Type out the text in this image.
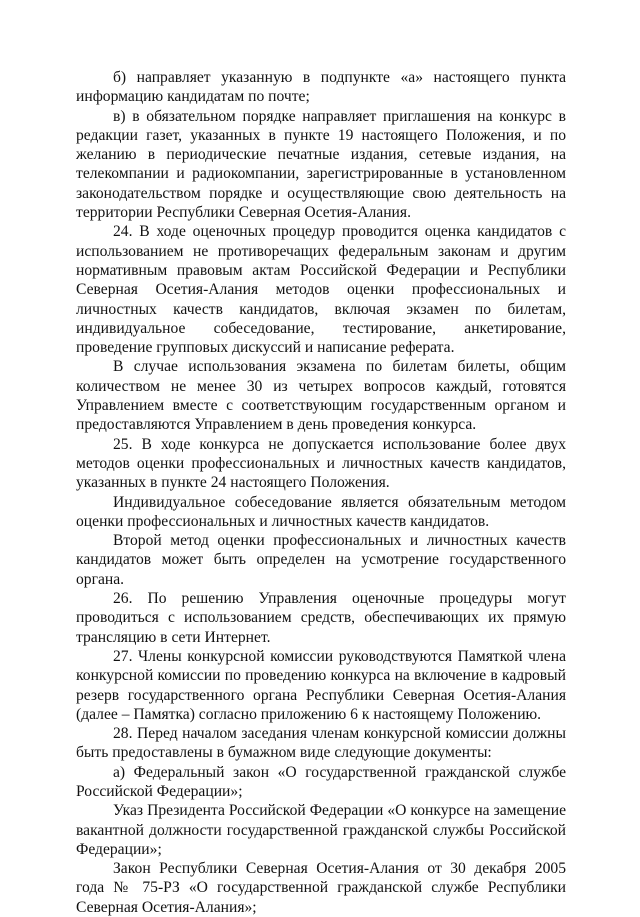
б) направляет указанную в подпункте «а» настоящего пункта информацию кандидатам по почте;

в) в обязательном порядке направляет приглашения на конкурс в редакции газет, указанных в пункте 19 настоящего Положения, и по желанию в периодические печатные издания, сетевые издания, на телекомпании и радиокомпании, зарегистрированные в установленном законодательством порядке и осуществляющие свою деятельность на территории Республики Северная Осетия-Алания.

24. В ходе оценочных процедур проводится оценка кандидатов с использованием не противоречащих федеральным законам и другим нормативным правовым актам Российской Федерации и Республики Северная Осетия-Алания методов оценки профессиональных и личностных качеств кандидатов, включая экзамен по билетам, индивидуальное собеседование, тестирование, анкетирование, проведение групповых дискуссий и написание реферата.

В случае использования экзамена по билетам билеты, общим количеством не менее 30 из четырех вопросов каждый, готовятся Управлением вместе с соответствующим государственным органом и предоставляются Управлением в день проведения конкурса.

25. В ходе конкурса не допускается использование более двух методов оценки профессиональных и личностных качеств кандидатов, указанных в пункте 24 настоящего Положения.

Индивидуальное собеседование является обязательным методом оценки профессиональных и личностных качеств кандидатов.

Второй метод оценки профессиональных и личностных качеств кандидатов может быть определен на усмотрение государственного органа.

26. По решению Управления оценочные процедуры могут проводиться с использованием средств, обеспечивающих их прямую трансляцию в сети Интернет.

27. Члены конкурсной комиссии руководствуются Памяткой члена конкурсной комиссии по проведению конкурса на включение в кадровый резерв государственного органа Республики Северная Осетия-Алания (далее – Памятка) согласно приложению 6 к настоящему Положению.

28. Перед началом заседания членам конкурсной комиссии должны быть предоставлены в бумажном виде следующие документы:

а) Федеральный закон «О государственной гражданской службе Российской Федерации»;

Указ Президента Российской Федерации «О конкурсе на замещение вакантной должности государственной гражданской службы Российской Федерации»;

Закон Республики Северная Осетия-Алания от 30 декабря 2005 года № 75-РЗ «О государственной гражданской службе Республики Северная Осетия-Алания»;
